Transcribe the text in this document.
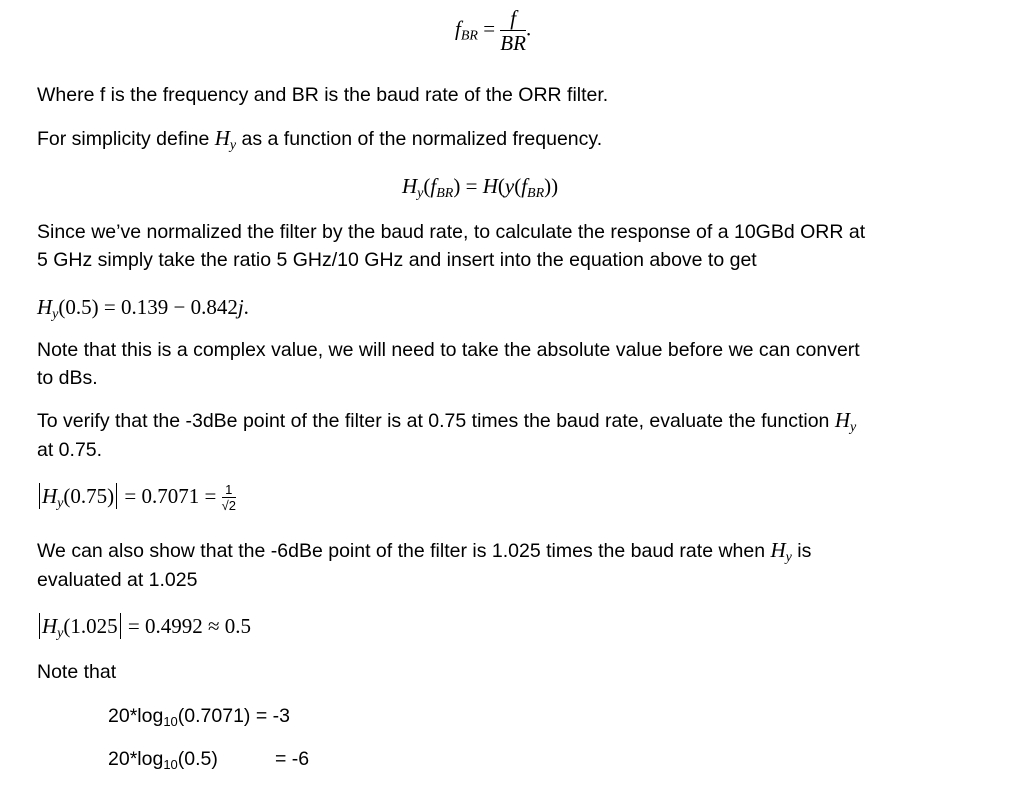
$f_{BR} = \frac{f}{BR}$ .
Where f is the frequency and BR is the baud rate of the ORR filter.
For simplicity define $H_y$ as a function of the normalized frequency.
$H_y(f_{BR}) = H(y(f_{BR}))$
Since we’ve normalized the filter by the baud rate, to calculate the response of a 10GBd ORR at
5 GHz simply take the ratio 5 GHz/10 GHz and insert into the equation above to get
$H_y(0.5) = 0.139 - 0.842j$.
Note that this is a complex value, we will need to take the absolute value before we can convert
to dBs.
To verify that the -3dBe point of the filter is at 0.75 times the baud rate, evaluate the function $H_y$
at 0.75.
$H_y(0.75) = 0.7071 = \frac{1}{√2}$
We can also show that the -6dBe point of the filter is 1.025 times the baud rate when $H_y$ is
evaluated at 1.025
$H_y(1.025 = 0.4992 \approx 0.5$
Note that
$20*\log_{10}(0.7071) = -3$
$20*\log_{10}(0.5)$	= -6
